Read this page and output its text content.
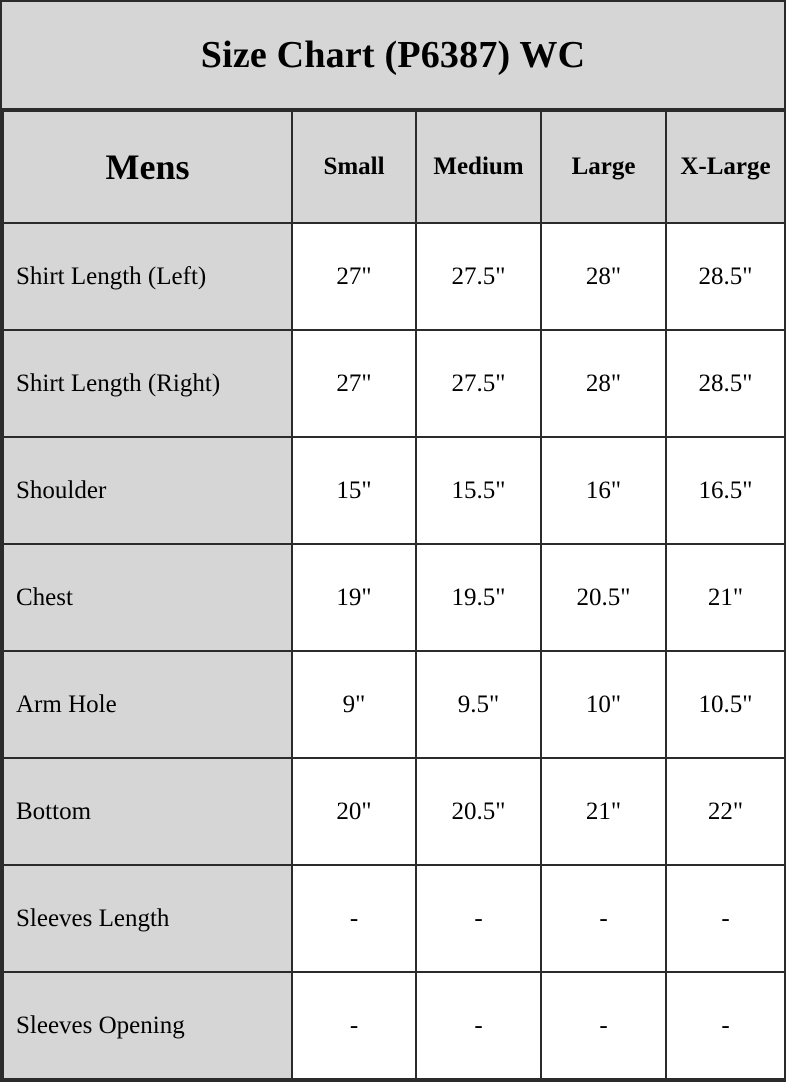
Size Chart (P6387) WC
Mens	Small	Medium	Large	X-Large
Shirt Length (Left)	27"	27.5"	28"	28.5"
Shirt Length (Right)	27"	27.5"	28"	28.5"
Shoulder	15"	15.5"	16"	16.5"
Chest	19"	19.5"	20.5"	21"
Arm Hole	9"	9.5"	10"	10.5"
Bottom	20"	20.5"	21"	22"
Sleeves Length	-	-	-	-
Sleeves Opening	-	-	-	-
